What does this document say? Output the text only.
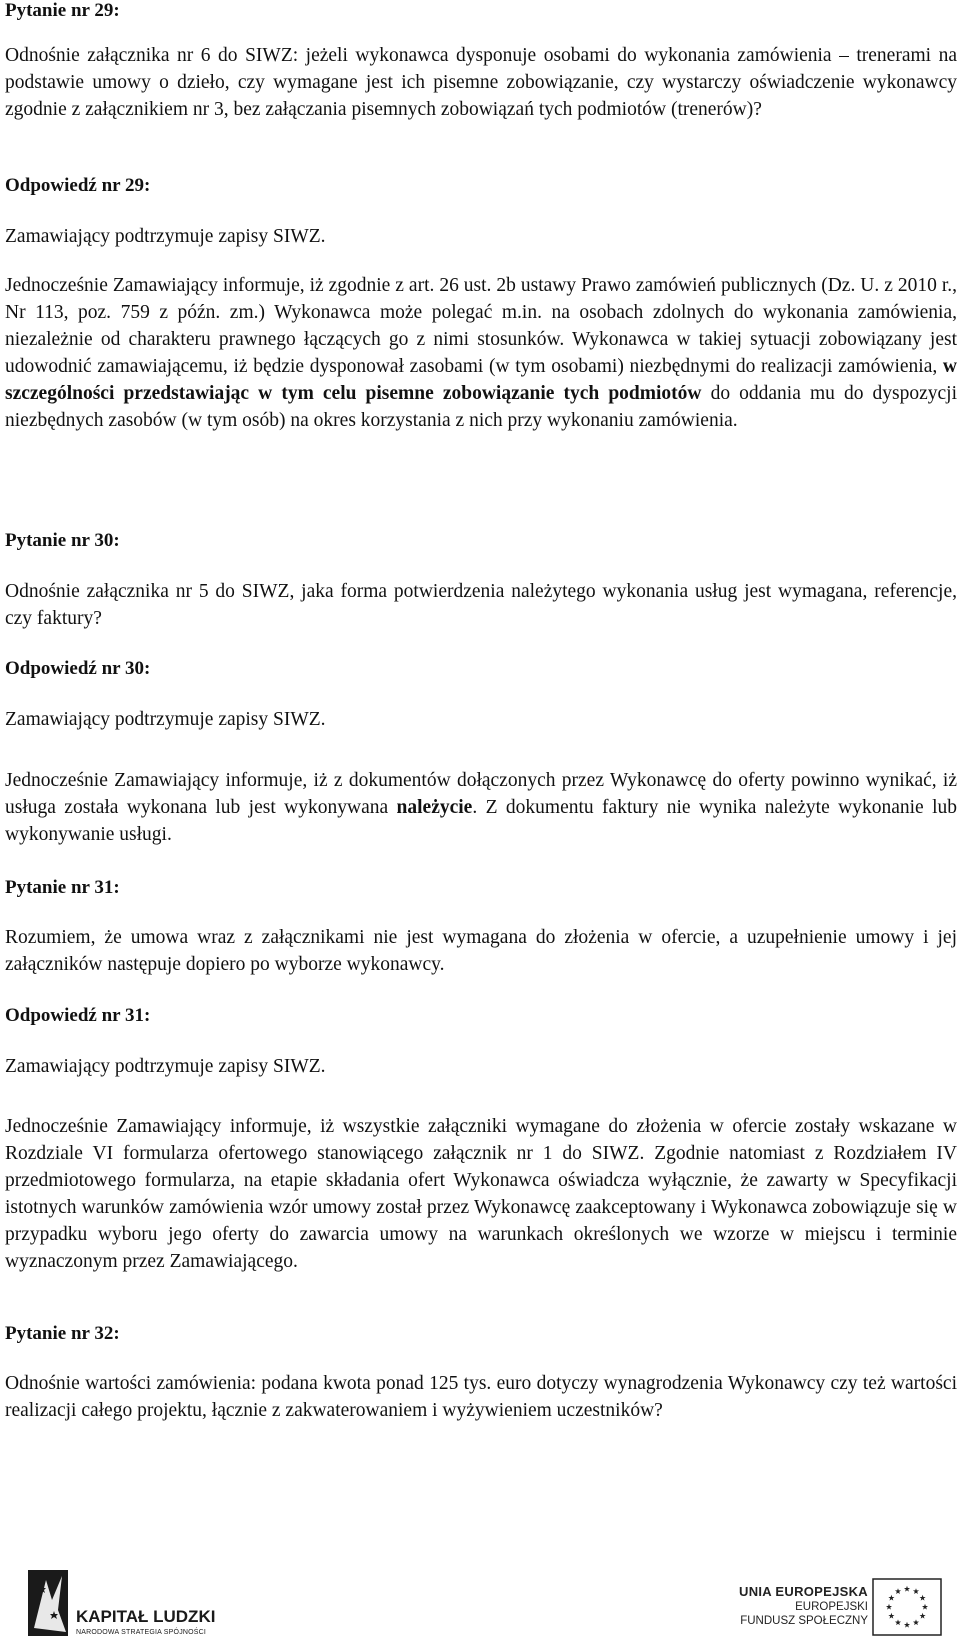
Pytanie nr 29:

Odnośnie załącznika nr 6 do SIWZ: jeżeli wykonawca dysponuje osobami do wykonania zamówienia – trenerami na podstawie umowy o dzieło, czy wymagane jest ich pisemne zobowiązanie, czy wystarczy oświadczenie wykonawcy zgodnie z załącznikiem nr 3, bez załączania pisemnych zobowiązań tych podmiotów (trenerów)?

Odpowiedź nr 29:

Zamawiający podtrzymuje zapisy SIWZ.

Jednocześnie Zamawiający informuje, iż zgodnie z art. 26 ust. 2b ustawy Prawo zamówień publicznych (Dz. U. z 2010 r., Nr 113, poz. 759 z późn. zm.) Wykonawca może polegać m.in. na osobach zdolnych do wykonania zamówienia, niezależnie od charakteru prawnego łączących go z nimi stosunków. Wykonawca w takiej sytuacji zobowiązany jest udowodnić zamawiającemu, iż będzie dysponował zasobami (w tym osobami) niezbędnymi do realizacji zamówienia, w szczególności przedstawiając w tym celu pisemne zobowiązanie tych podmiotów do oddania mu do dyspozycji niezbędnych zasobów (w tym osób) na okres korzystania z nich przy wykonaniu zamówienia.

Pytanie nr 30:

Odnośnie załącznika nr 5 do SIWZ, jaka forma potwierdzenia należytego wykonania usług jest wymagana, referencje, czy faktury?

Odpowiedź nr 30:

Zamawiający podtrzymuje zapisy SIWZ.

Jednocześnie Zamawiający informuje, iż z dokumentów dołączonych przez Wykonawcę do oferty powinno wynikać, iż usługa została wykonana lub jest wykonywana należycie. Z dokumentu faktury nie wynika należyte wykonanie lub wykonywanie usługi.

Pytanie nr 31:

Rozumiem, że umowa wraz z załącznikami nie jest wymagana do złożenia w ofercie, a uzupełnienie umowy i jej załączników następuje dopiero po wyborze wykonawcy.

Odpowiedź nr 31:

Zamawiający podtrzymuje zapisy SIWZ.

Jednocześnie Zamawiający informuje, iż wszystkie załączniki wymagane do złożenia w ofercie zostały wskazane w Rozdziale VI formularza ofertowego stanowiącego załącznik nr 1 do SIWZ. Zgodnie natomiast z Rozdziałem IV przedmiotowego formularza, na etapie składania ofert Wykonawca oświadcza wyłącznie, że zawarty w Specyfikacji istotnych warunków zamówienia wzór umowy został przez Wykonawcę zaakceptowany i Wykonawca zobowiązuje się w przypadku wyboru jego oferty do zawarcia umowy na warunkach określonych we wzorze w miejscu i terminie wyznaczonym przez Zamawiającego.

Pytanie nr 32:

Odnośnie wartości zamówienia: podana kwota ponad 125 tys. euro dotyczy wynagrodzenia Wykonawcy czy też wartości realizacji całego projektu, łącznie z zakwaterowaniem i wyżywieniem uczestników?

KAPITAŁ LUDZKI
NARODOWA STRATEGIA SPÓJNOŚCI
UNIA EUROPEJSKA
EUROPEJSKI
FUNDUSZ SPOŁECZNY
